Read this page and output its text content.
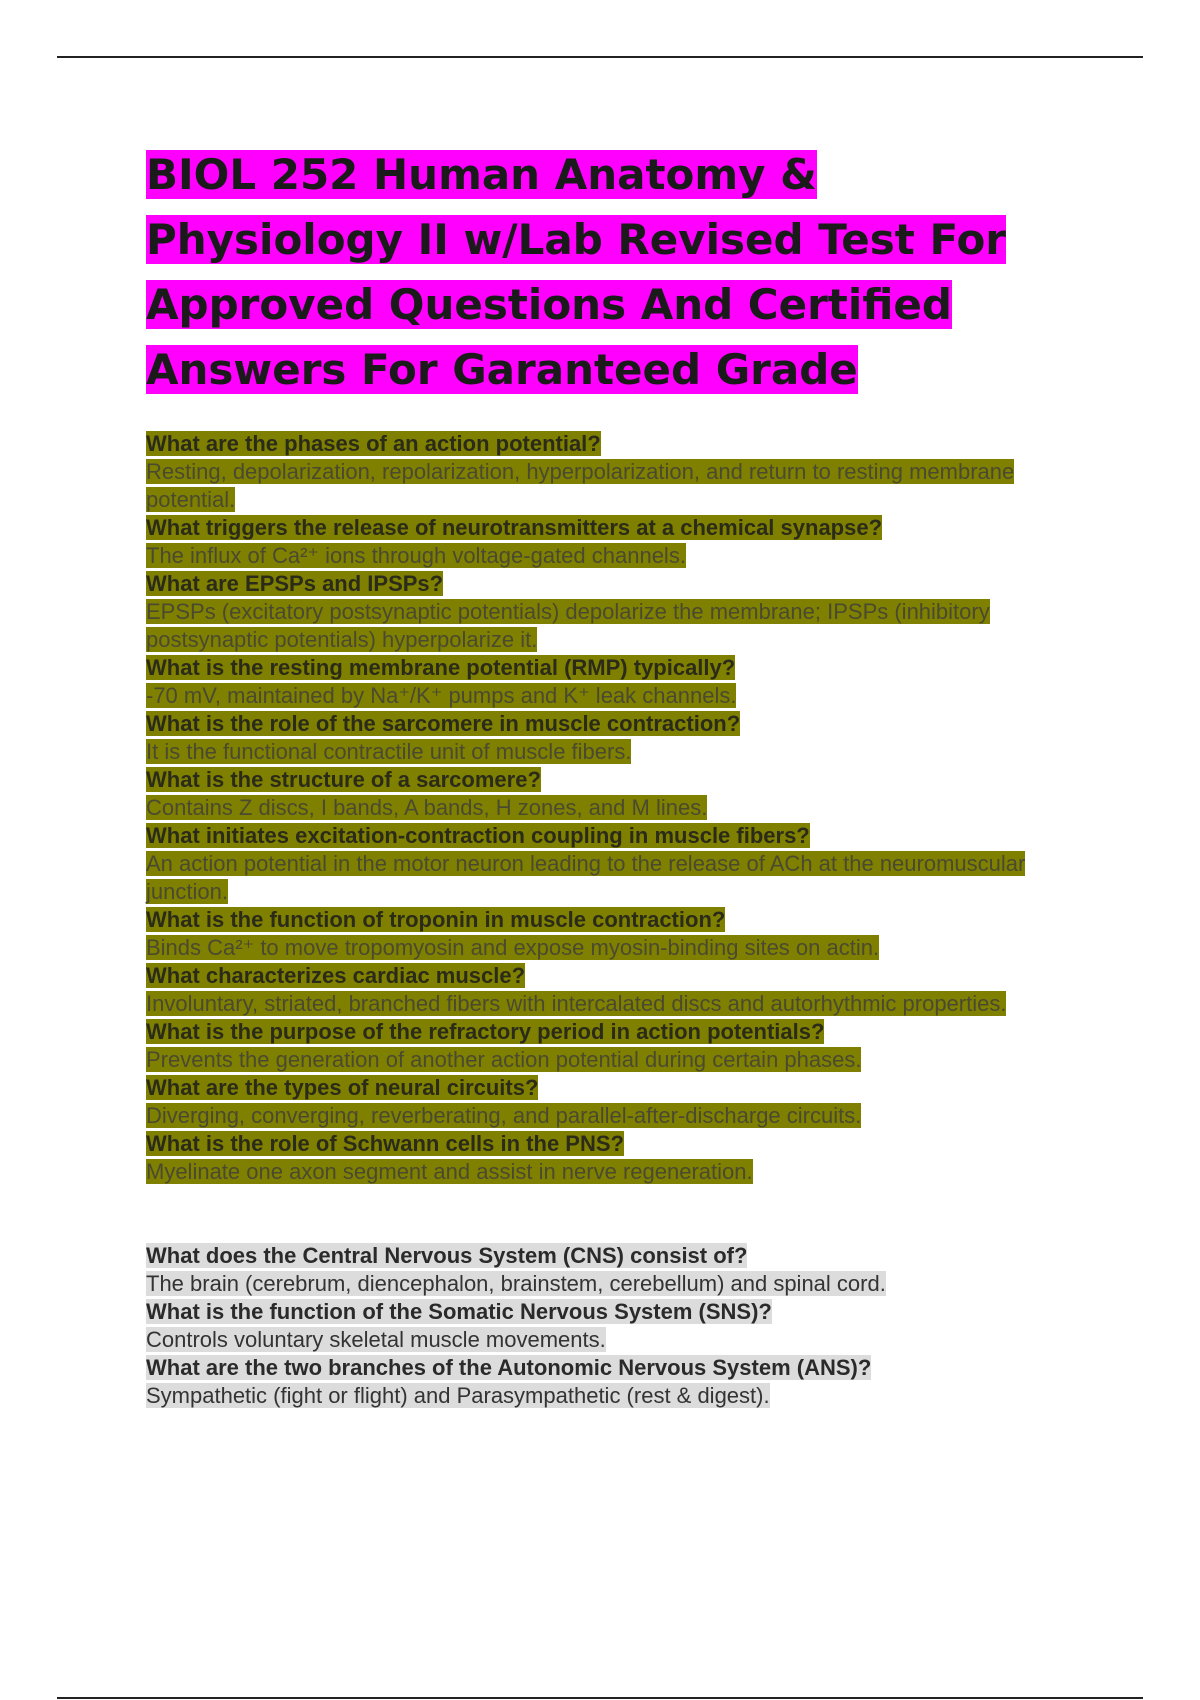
BIOL 252 Human Anatomy & Physiology II w/Lab Revised Test For Approved Questions And Certified Answers For Garanteed Grade

What are the phases of an action potential?

Resting, depolarization, repolarization, hyperpolarization, and return to resting membrane potential.

What triggers the release of neurotransmitters at a chemical synapse?

The influx of Ca²⁺ ions through voltage-gated channels.

What are EPSPs and IPSPs?

EPSPs (excitatory postsynaptic potentials) depolarize the membrane; IPSPs (inhibitory postsynaptic potentials) hyperpolarize it.

What is the resting membrane potential (RMP) typically?

-70 mV, maintained by Na⁺/K⁺ pumps and K⁺ leak channels.

What is the role of the sarcomere in muscle contraction?

It is the functional contractile unit of muscle fibers.

What is the structure of a sarcomere?

Contains Z discs, I bands, A bands, H zones, and M lines.

What initiates excitation-contraction coupling in muscle fibers?

An action potential in the motor neuron leading to the release of ACh at the neuromuscular junction.

What is the function of troponin in muscle contraction?

Binds Ca²⁺ to move tropomyosin and expose myosin-binding sites on actin.

What characterizes cardiac muscle?

Involuntary, striated, branched fibers with intercalated discs and autorhythmic properties.

What is the purpose of the refractory period in action potentials?

Prevents the generation of another action potential during certain phases.

What are the types of neural circuits?

Diverging, converging, reverberating, and parallel-after-discharge circuits.

What is the role of Schwann cells in the PNS?

Myelinate one axon segment and assist in nerve regeneration.

What does the Central Nervous System (CNS) consist of?

The brain (cerebrum, diencephalon, brainstem, cerebellum) and spinal cord.

What is the function of the Somatic Nervous System (SNS)?

Controls voluntary skeletal muscle movements.

What are the two branches of the Autonomic Nervous System (ANS)?

Sympathetic (fight or flight) and Parasympathetic (rest & digest).
